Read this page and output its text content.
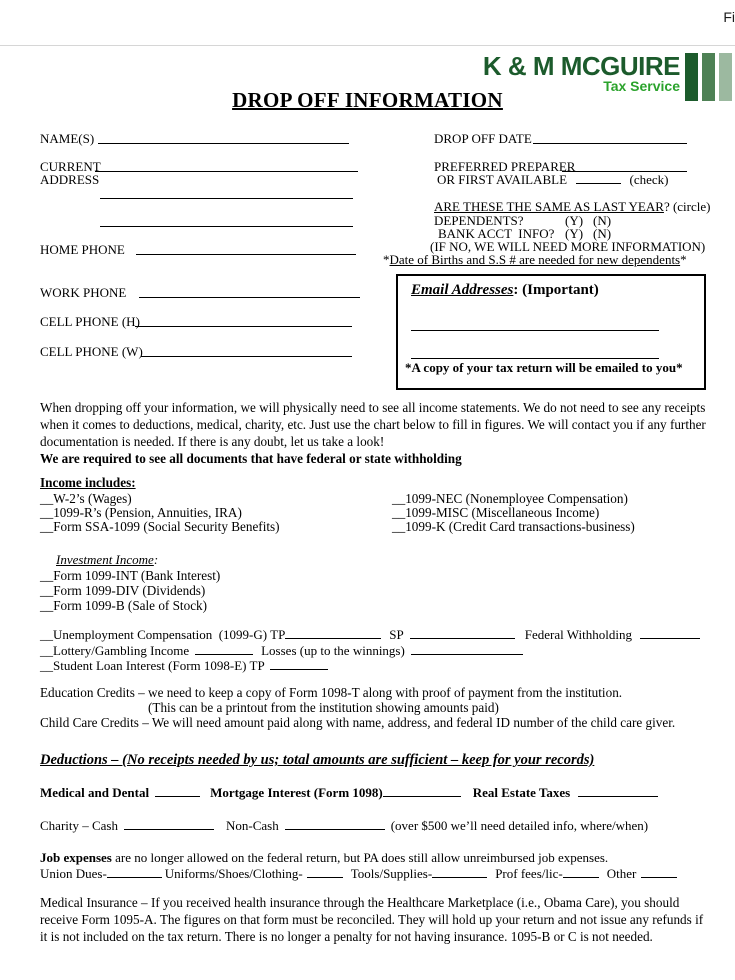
Fi
K & M MCGUIRE
Tax Service
DROP OFF INFORMATION
NAME(S)
CURRENT
ADDRESS
HOME PHONE
WORK PHONE
CELL PHONE (H)
CELL PHONE (W)
DROP OFF DATE
PREFERRED PREPARER
OR FIRST AVAILABLE	(check)
ARE THESE THE SAME AS LAST YEAR? (circle)
DEPENDENTS?	(Y) (N)
BANK ACCT  INFO? (Y) (N)
(IF NO, WE WILL NEED MORE INFORMATION)
*Date of Births and S.S # are needed for new dependents*
Email Addresses: (Important)
*A copy of your tax return will be emailed to you*
When dropping off your information, we will physically need to see all income statements. We do not need to see any receipts when it comes to deductions, medical, charity, etc. Just use the chart below to fill in figures. We will contact you if any further documentation is needed. If there is any doubt, let us take a look!
We are required to see all documents that have federal or state withholding
Income includes:
__W-2’s (Wages)
__1099-R’s (Pension, Annuities, IRA)
__Form SSA-1099 (Social Security Benefits)
__1099-NEC (Nonemployee Compensation)
__1099-MISC (Miscellaneous Income)
__1099-K (Credit Card transactions-business)
Investment Income:
__Form 1099-INT (Bank Interest)
__Form 1099-DIV (Dividends)
__Form 1099-B (Sale of Stock)
__Unemployment Compensation  (1099-G) TP	SP	Federal Withholding
__Lottery/Gambling Income	Losses (up to the winnings)
__Student Loan Interest (Form 1098-E) TP
Education Credits – we need to keep a copy of Form 1098-T along with proof of payment from the institution.
(This can be a printout from the institution showing amounts paid)
Child Care Credits – We will need amount paid along with name, address, and federal ID number of the child care giver.
Deductions – (No receipts needed by us; total amounts are sufficient – keep for your records)
Medical and Dental	Mortgage Interest (Form 1098)	Real Estate Taxes
Charity – Cash	Non-Cash	(over $500 we’ll need detailed info, where/when)
Job expenses are no longer allowed on the federal return, but PA does still allow unreimbursed job expenses.
Union Dues-	Uniforms/Shoes/Clothing-	Tools/Supplies-	Prof fees/lic-	Other
Medical Insurance – If you received health insurance through the Healthcare Marketplace (i.e., Obama Care), you should receive Form 1095-A. The figures on that form must be reconciled. They will hold up your return and not issue any refunds if it is not included on the tax return. There is no longer a penalty for not having insurance. 1095-B or C is not needed.
